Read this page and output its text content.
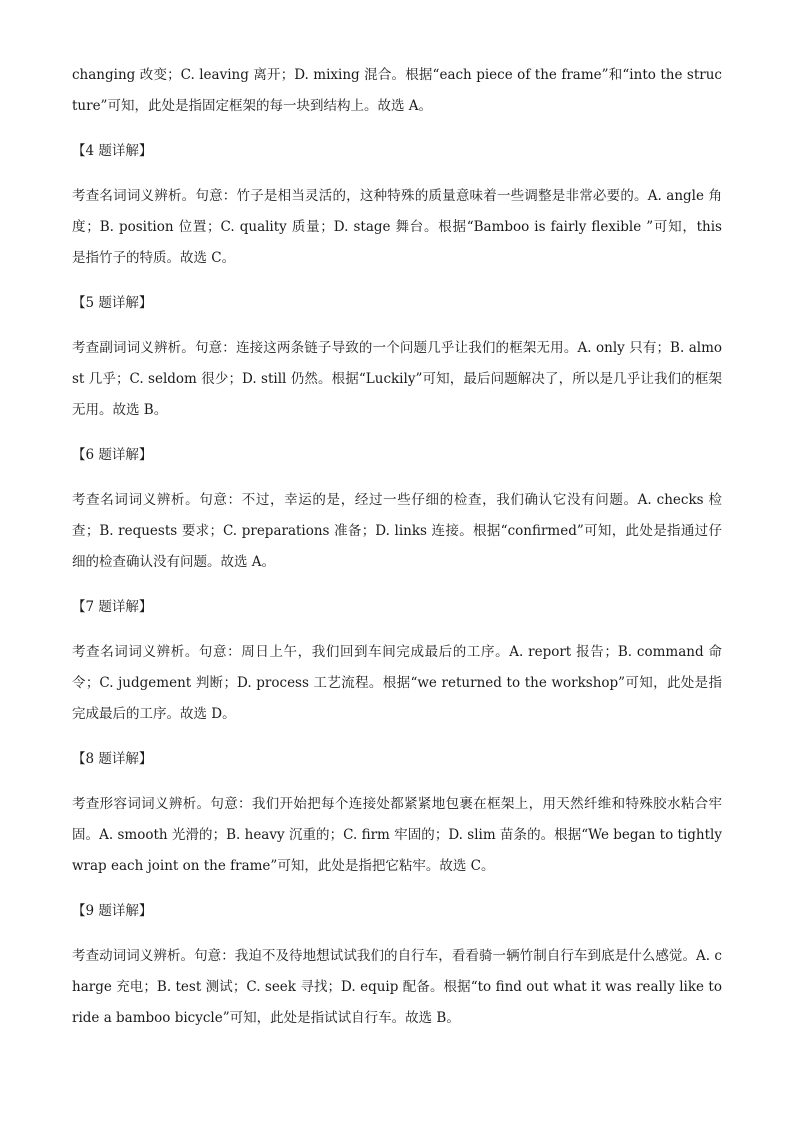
changing 改变；C. leaving 离开；D. mixing 混合。根据“each piece of the frame”和“into the structure”可知，此处是指固定框架的每一块到结构上。故选 A。

【4 题详解】

考查名词词义辨析。句意：竹子是相当灵活的，这种特殊的质量意味着一些调整是非常必要的。A. angle 角度；B. position 位置；C. quality 质量；D. stage 舞台。根据“Bamboo is fairly flexible ”可知，this 是指竹子的特质。故选 C。

【5 题详解】

考查副词词义辨析。句意：连接这两条链子导致的一个问题几乎让我们的框架无用。A. only 只有；B. almost 几乎；C. seldom 很少；D. still 仍然。根据“Luckily”可知，最后问题解决了，所以是几乎让我们的框架无用。故选 B。

【6 题详解】

考查名词词义辨析。句意：不过，幸运的是，经过一些仔细的检查，我们确认它没有问题。A. checks 检查；B. requests 要求；C. preparations 准备；D. links 连接。根据“confirmed”可知，此处是指通过仔细的检查确认没有问题。故选 A。

【7 题详解】

考查名词词义辨析。句意：周日上午，我们回到车间完成最后的工序。A. report 报告；B. command 命令；C. judgement 判断；D. process 工艺流程。根据“we returned to the workshop”可知，此处是指完成最后的工序。故选 D。

【8 题详解】

考查形容词词义辨析。句意：我们开始把每个连接处都紧紧地包裹在框架上，用天然纤维和特殊胶水粘合牢固。A. smooth 光滑的；B. heavy 沉重的；C. firm 牢固的；D. slim 苗条的。根据“We began to tightly wrap each joint on the frame”可知，此处是指把它粘牢。故选 C。

【9 题详解】

考查动词词义辨析。句意：我迫不及待地想试试我们的自行车，看看骑一辆竹制自行车到底是什么感觉。A. charge 充电；B. test 测试；C. seek 寻找；D. equip 配备。根据“to find out what it was really like to ride a bamboo bicycle”可知，此处是指试试自行车。故选 B。
